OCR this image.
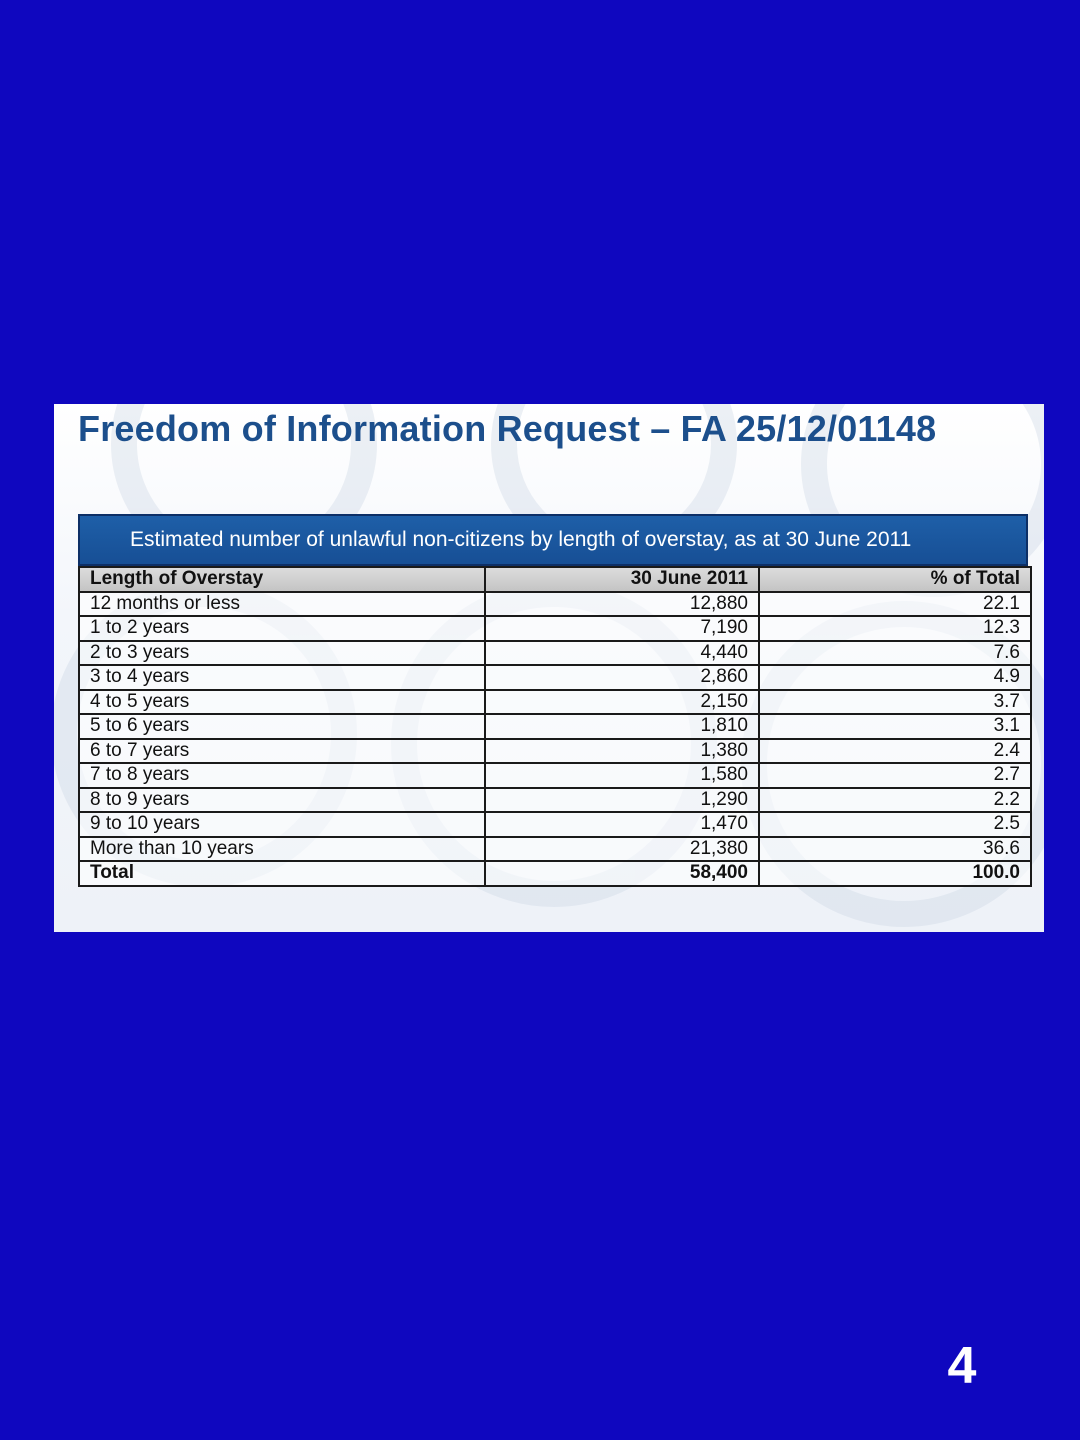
Freedom of Information Request – FA 25/12/01148
Estimated number of unlawful non-citizens by length of overstay, as at 30 June 2011
Length of Overstay	30 June 2011	% of Total
12 months or less	12,880	22.1
1 to 2 years	7,190	12.3
2 to 3 years	4,440	7.6
3 to 4 years	2,860	4.9
4 to 5 years	2,150	3.7
5 to 6 years	1,810	3.1
6 to 7 years	1,380	2.4
7 to 8 years	1,580	2.7
8 to 9 years	1,290	2.2
9 to 10 years	1,470	2.5
More than 10 years	21,380	36.6
Total	58,400	100.0
4
